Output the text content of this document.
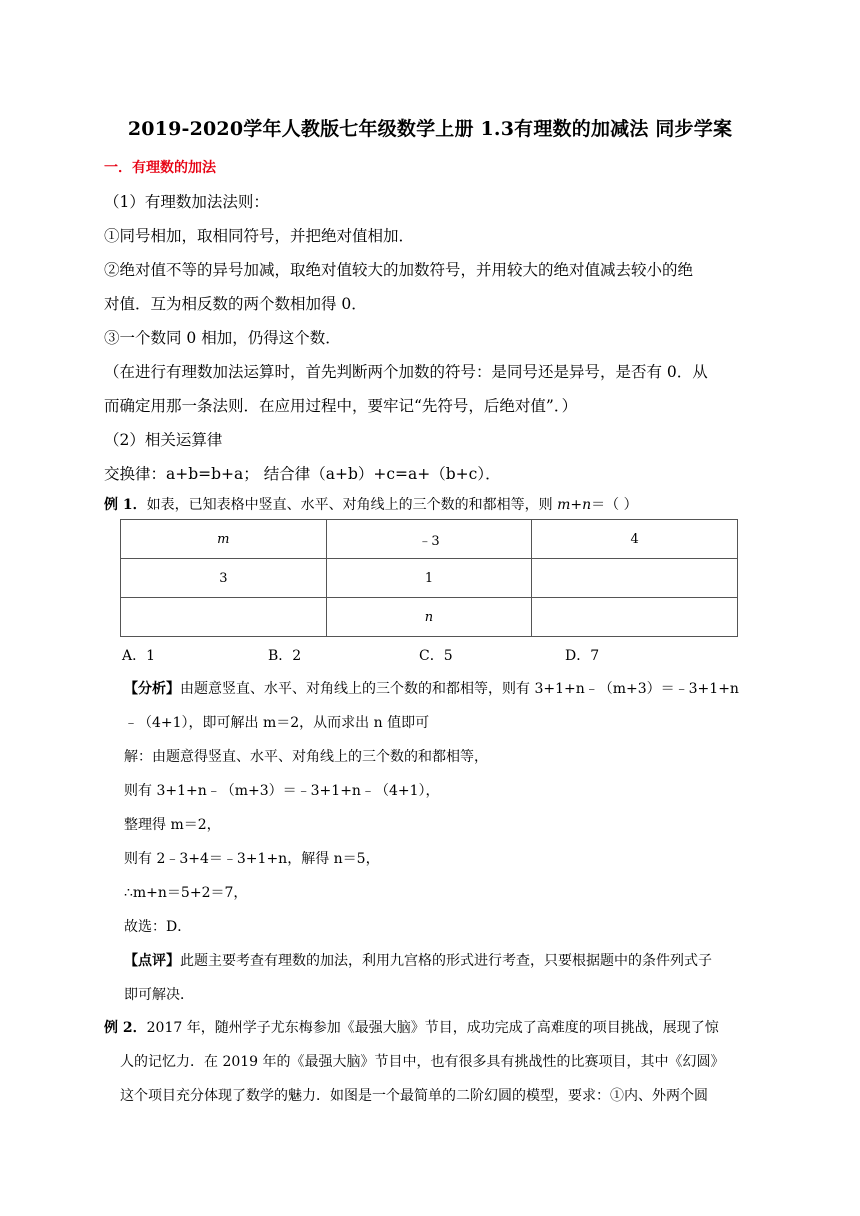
2019-2020学年人教版七年级数学上册 1.3有理数的加减法 同步学案
一．有理数的加法
（1）有理数加法法则：
①同号相加，取相同符号，并把绝对值相加．
②绝对值不等的异号加减，取绝对值较大的加数符号，并用较大的绝对值减去较小的绝
对值．互为相反数的两个数相加得 0．
③一个数同 0 相加，仍得这个数．
（在进行有理数加法运算时，首先判断两个加数的符号：是同号还是异号，是否有 0．从
而确定用那一条法则．在应用过程中，要牢记“先符号，后绝对值”．）
（2）相关运算律
交换律：a+b=b+a； 结合律（a+b）+c=a+（b+c）．
例 1．如表，已知表格中竖直、水平、对角线上的三个数的和都相等，则 m+n＝（ ）
m	﹣3	4
3	1	
	n	
A．1	B．2	C．5	D．7
【分析】由题意竖直、水平、对角线上的三个数的和都相等，则有 3+1+n﹣（m+3）＝﹣3+1+n
﹣（4+1），即可解出 m＝2，从而求出 n 值即可
解：由题意得竖直、水平、对角线上的三个数的和都相等，
则有 3+1+n﹣（m+3）＝﹣3+1+n﹣（4+1），
整理得 m＝2，
则有 2﹣3+4＝﹣3+1+n，解得 n＝5，
∴m+n＝5+2＝7，
故选：D．
【点评】此题主要考查有理数的加法，利用九宫格的形式进行考查，只要根据题中的条件列式子
即可解决．
例 2．2017 年，随州学子尤东梅参加《最强大脑》节目，成功完成了高难度的项目挑战，展现了惊
人的记忆力．在 2019 年的《最强大脑》节目中，也有很多具有挑战性的比赛项目，其中《幻圆》
这个项目充分体现了数学的魅力．如图是一个最简单的二阶幻圆的模型，要求：①内、外两个圆
